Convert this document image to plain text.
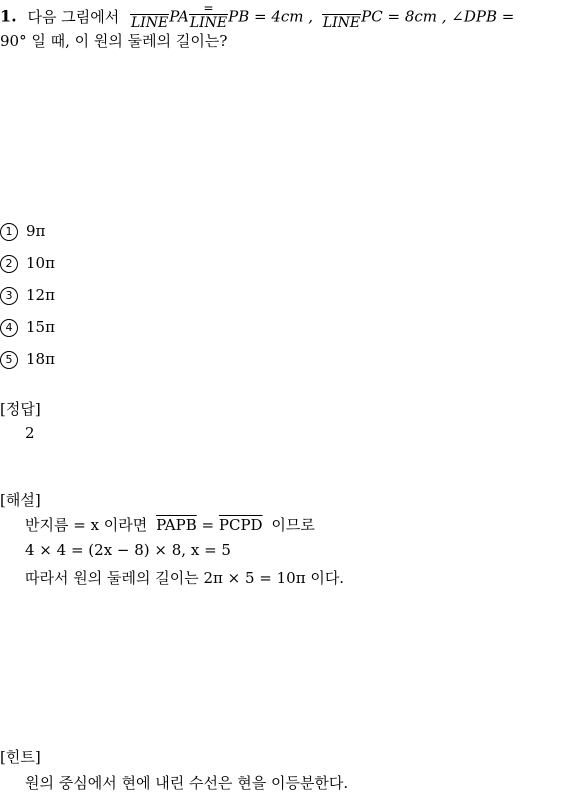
1. 다음 그림에서
LINE PA $\frac{=}{\text{LINE}}$ PB = 4cm ,
LINE PC = 8cm , ∠DPB =
90° 일 때, 이 원의 둘레의 길이는?
1 9π
2 10π
3 12π
4 15π
5 18π
[정답]
2
[해설]
반지름 = x 이라면 PAPB = PCPD 이므로
4 × 4 = (2x − 8) × 8, x = 5
따라서 원의 둘레의 길이는 2π × 5 = 10π 이다.
[힌트]
원의 중심에서 현에 내린 수선은 현을 이등분한다.
